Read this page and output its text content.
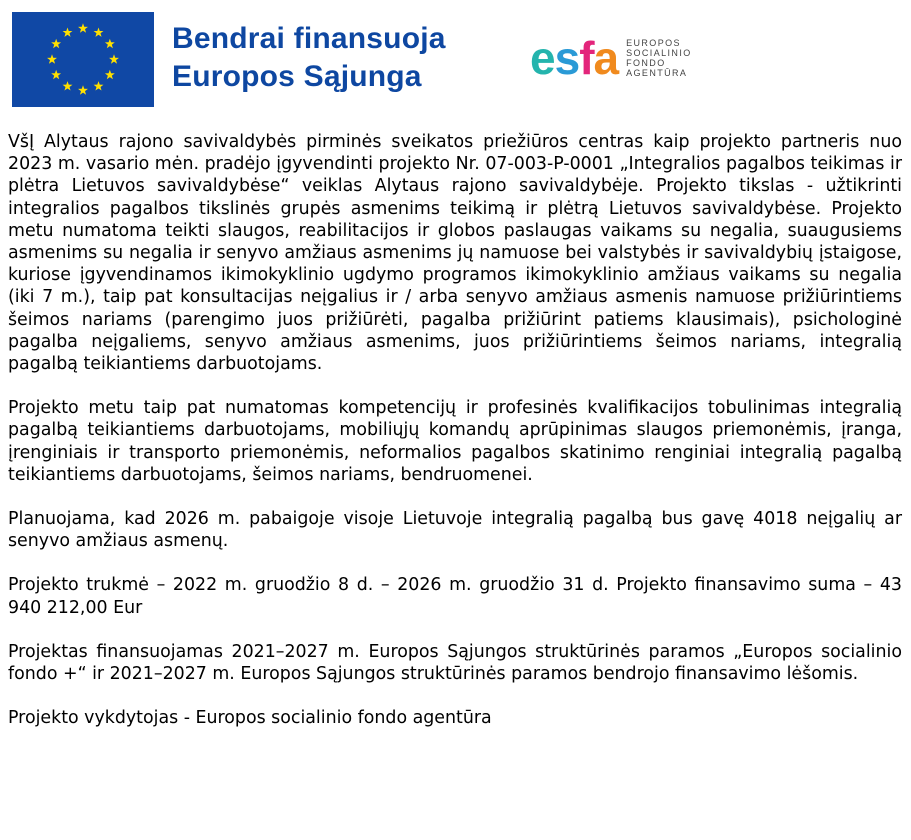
Bendrai finansuoja
Europos Sąjunga	esfa EUROPOS
SOCIALINIO
FONDO
AGENTŪRA

VšĮ Alytaus rajono savivaldybės pirminės sveikatos priežiūros centras kaip projekto partneris nuo 2023 m. vasario mėn. pradėjo įgyvendinti projekto Nr. 07-003-P-0001 „Integralios pagalbos teikimas ir plėtra Lietuvos savivaldybėse“ veiklas Alytaus rajono savivaldybėje. Projekto tikslas - užtikrinti integralios pagalbos tikslinės grupės asmenims teikimą ir plėtrą Lietuvos savivaldybėse. Projekto metu numatoma teikti slaugos, reabilitacijos ir globos paslaugas vaikams su negalia, suaugusiems asmenims su negalia ir senyvo amžiaus asmenims jų namuose bei valstybės ir savivaldybių įstaigose, kuriose įgyvendinamos ikimokyklinio ugdymo programos ikimokyklinio amžiaus vaikams su negalia (iki 7 m.), taip pat konsultacijas neįgalius ir / arba senyvo amžiaus asmenis namuose prižiūrintiems šeimos nariams (parengimo juos prižiūrėti, pagalba prižiūrint patiems klausimais), psichologinė pagalba neįgaliems, senyvo amžiaus asmenims, juos prižiūrintiems šeimos nariams, integralią pagalbą teikiantiems darbuotojams.

Projekto metu taip pat numatomas kompetencijų ir profesinės kvalifikacijos tobulinimas integralią pagalbą teikiantiems darbuotojams, mobiliųjų komandų aprūpinimas slaugos priemonėmis, įranga, įrenginiais ir transporto priemonėmis, neformalios pagalbos skatinimo renginiai integralią pagalbą teikiantiems darbuotojams, šeimos nariams, bendruomenei.

Planuojama, kad 2026 m. pabaigoje visoje Lietuvoje integralią pagalbą bus gavę 4018 neįgalių ar senyvo amžiaus asmenų.

Projekto trukmė – 2022 m. gruodžio 8 d. – 2026 m. gruodžio 31 d. Projekto finansavimo suma – 43 940 212,00 Eur

Projektas finansuojamas 2021–2027 m. Europos Sąjungos struktūrinės paramos „Europos socialinio fondo +“ ir 2021–2027 m. Europos Sąjungos struktūrinės paramos bendrojo finansavimo lėšomis.

Projekto vykdytojas - Europos socialinio fondo agentūra
